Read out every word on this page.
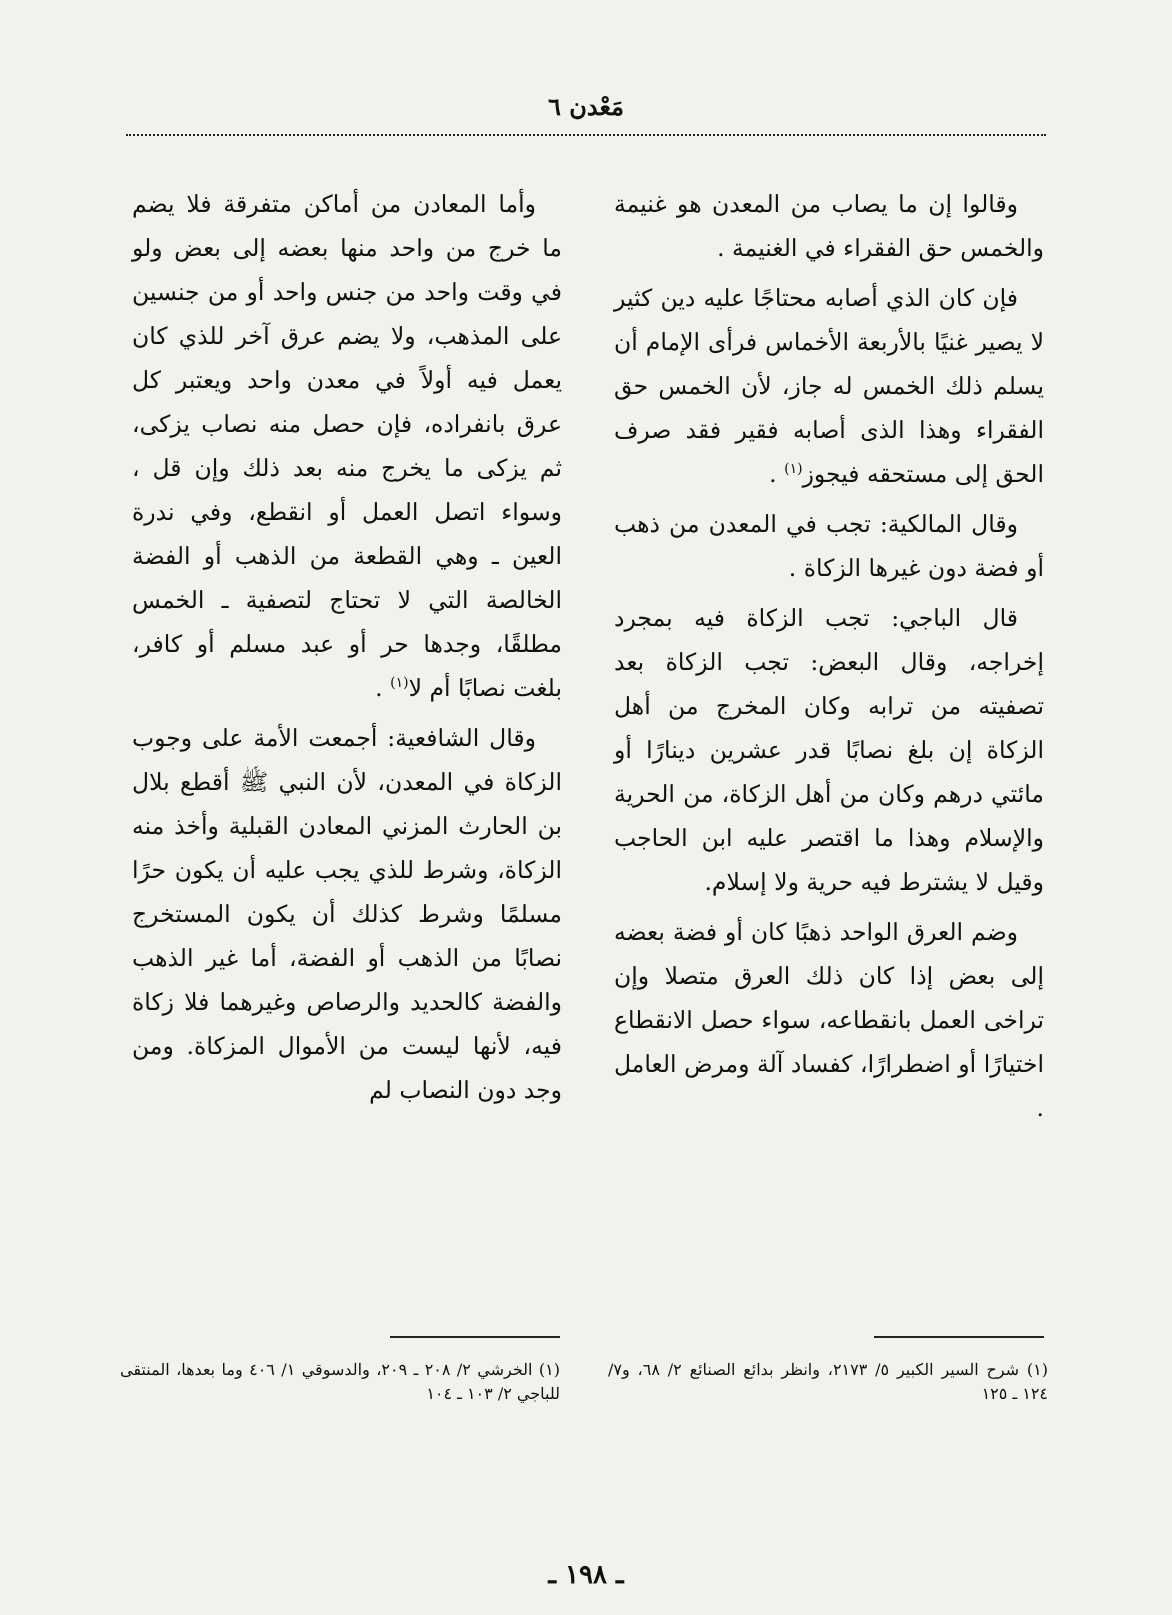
مَعْدن ٦

وقالوا إن ما يصاب من المعدن هو غنيمة والخمس حق الفقراء في الغنيمة .

فإن كان الذي أصابه محتاجًا عليه دين كثير لا يصير غنيًا بالأربعة الأخماس فرأى الإمام أن يسلم ذلك الخمس له جاز، لأن الخمس حق الفقراء وهذا الذى أصابه فقير فقد صرف الحق إلى مستحقه فيجوز$^{(١)}$ .

وقال المالكية: تجب في المعدن من ذهب أو فضة دون غيرها الزكاة .

قال الباجي: تجب الزكاة فيه بمجرد إخراجه، وقال البعض: تجب الزكاة بعد تصفيته من ترابه وكان المخرج من أهل الزكاة إن بلغ نصابًا قدر عشرين دينارًا أو مائتي درهم وكان من أهل الزكاة، من الحرية والإسلام وهذا ما اقتصر عليه ابن الحاجب وقيل لا يشترط فيه حرية ولا إسلام.

وضم العرق الواحد ذهبًا كان أو فضة بعضه إلى بعض إذا كان ذلك العرق متصلا وإن تراخى العمل بانقطاعه، سواء حصل الانقطاع اختيارًا أو اضطرارًا، كفساد آلة ومرض العامل .

وأما المعادن من أماكن متفرقة فلا يضم ما خرج من واحد منها بعضه إلى بعض ولو في وقت واحد من جنس واحد أو من جنسين على المذهب، ولا يضم عرق آخر للذي كان يعمل فيه أولاً في معدن واحد ويعتبر كل عرق بانفراده، فإن حصل منه نصاب يزكى، ثم يزكى ما يخرج منه بعد ذلك وإن قل ، وسواء اتصل العمل أو انقطع، وفي ندرة العين ـ وهي القطعة من الذهب أو الفضة الخالصة التي لا تحتاج لتصفية ـ الخمس مطلقًا، وجدها حر أو عبد مسلم أو كافر، بلغت نصابًا أم لا$^{(١)}$ .

وقال الشافعية: أجمعت الأمة على وجوب الزكاة في المعدن، لأن النبي ﷺ أقطع بلال بن الحارث المزني المعادن القبلية وأخذ منه الزكاة، وشرط للذي يجب عليه أن يكون حرًا مسلمًا وشرط كذلك أن يكون المستخرج نصابًا من الذهب أو الفضة، أما غير الذهب والفضة كالحديد والرصاص وغيرهما فلا زكاة فيه، لأنها ليست من الأموال المزكاة. ومن وجد دون النصاب لم

(١) شرح السير الكبير ٥/ ٢١٧٣، وانظر بدائع الصنائع ٢/ ٦٨، و٧/ ١٢٤ ـ ١٢٥
(١) الخرشي ٢/ ٢٠٨ ـ ٢٠٩، والدسوقي ١/ ٤٠٦ وما بعدها، المنتقى للباجي ٢/ ١٠٣ ـ ١٠٤
ـ ١٩٨ ـ
